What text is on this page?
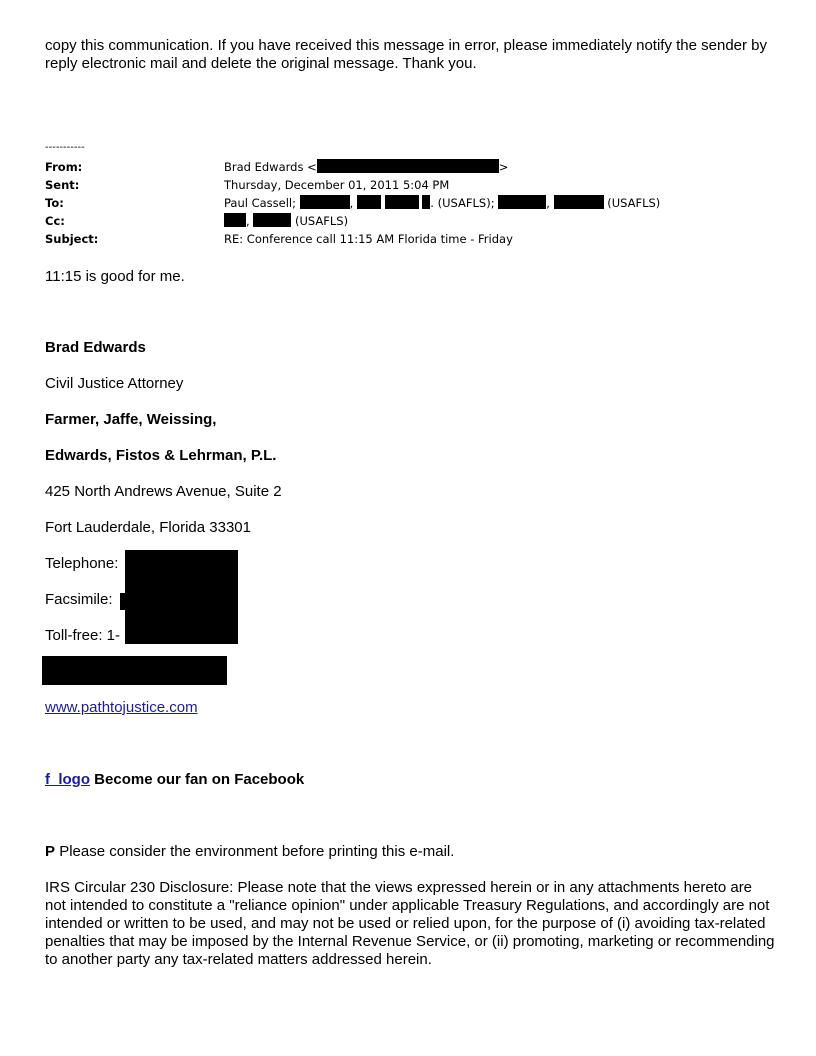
copy this communication. If you have received this message in error, please immediately notify the sender by reply electronic mail and delete the original message. Thank you.
-----------
From:	Brad Edwards <	>
Sent:	Thursday, December 01, 2011 5:04 PM
To:	Paul Cassell;	,	. (USAFLS);	,	(USAFLS)
Cc:	,	(USAFLS)
Subject:	RE: Conference call 11:15 AM Florida time - Friday
11:15 is good for me.
Brad Edwards
Civil Justice Attorney
Farmer, Jaffe, Weissing,
Edwards, Fistos & Lehrman, P.L.
425 North Andrews Avenue, Suite 2
Fort Lauderdale, Florida 33301
Telephone:
Facsimile:
Toll-free: 1-
www.pathtojustice.com
f_logo Become our fan on Facebook
P Please consider the environment before printing this e-mail.
IRS Circular 230 Disclosure: Please note that the views expressed herein or in any attachments hereto are not intended to constitute a "reliance opinion" under applicable Treasury Regulations, and accordingly are not intended or written to be used, and may not be used or relied upon, for the purpose of (i) avoiding tax-related penalties that may be imposed by the Internal Revenue Service, or (ii) promoting, marketing or recommending to another party any tax-related matters addressed herein.
